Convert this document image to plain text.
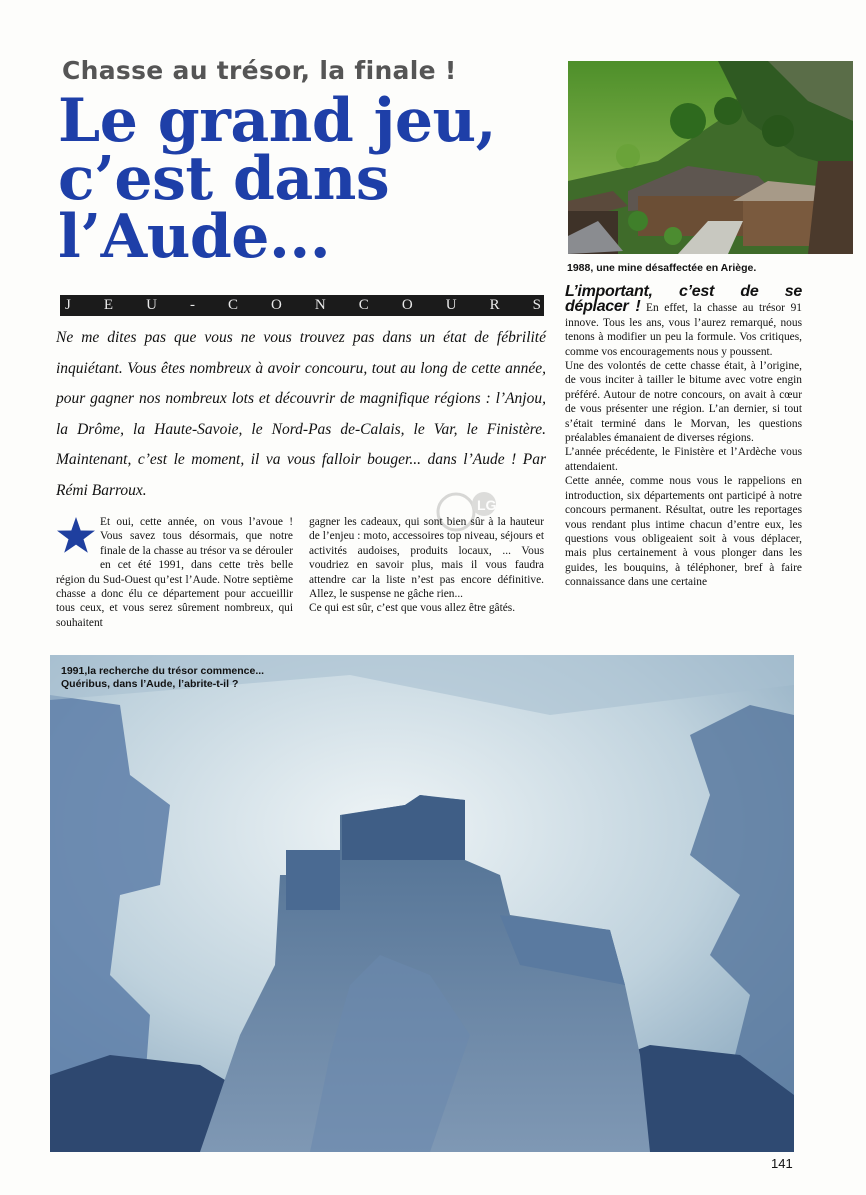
Chasse au trésor, la finale !
Le grand jeu,
c’est dans
l’Aude...	1988, une mine désaffectée en Ariège.
J E U - C O N C O U R S
Ne me dites pas que vous ne vous trouvez pas dans un état de fébrilité inquiétant. Vous êtes nombreux à avoir concouru, tout au long de cette année, pour gagner nos nombreux lots et découvrir de magnifique régions : l’Anjou, la Drôme, la Haute-Savoie, le Nord-Pas de-Calais, le Var, le Finistère. Maintenant, c’est le moment, il va vous falloir bouger... dans l’Aude ! Par Rémi Barroux.
LG

Et oui, cette année, on vous l’avoue ! Vous savez tous désormais, que notre finale de la chasse au trésor va se dérouler en cet été 1991, dans cette très belle région du Sud-Ouest qu’est l’Aude. Notre septième chasse a donc élu ce département pour accueillir tous ceux, et vous serez sûrement nombreux, qui souhaitent

gagner les cadeaux, qui sont bien sûr à la hauteur de l’enjeu : moto, accessoires top niveau, séjours et activités audoises, produits locaux, ... Vous voudriez en savoir plus, mais il vous faudra attendre car la liste n’est pas encore définitive. Allez, le suspense ne gâche rien...

Ce qui est sûr, c’est que vous allez être gâtés.

L’important, c’est de se déplacer ! En effet, la chasse au trésor 91 innove. Tous les ans, vous l’aurez remarqué, nous tenons à modifier un peu la formule. Vos critiques, comme vos encouragements nous y poussent.

Une des volontés de cette chasse était, à l’origine, de vous inciter à tailler le bitume avec votre engin préféré. Autour de notre concours, on avait à cœur de vous présenter une région. L’an dernier, si tout s’était terminé dans le Morvan, les questions préalables émanaient de diverses régions.

L’année précédente, le Finistère et l’Ardèche vous attendaient.

Cette année, comme nous vous le rappelions en introduction, six départements ont participé à notre concours permanent. Résultat, outre les reportages vous rendant plus intime chacun d’entre eux, les questions vous obligeaient soit à vous déplacer, mais plus certainement à vous plonger dans les guides, les bouquins, à téléphoner, bref à faire connaissance dans une certaine

1991,la recherche du trésor commence...
Quéribus, dans l’Aude, l’abrite-t-il ?
141
